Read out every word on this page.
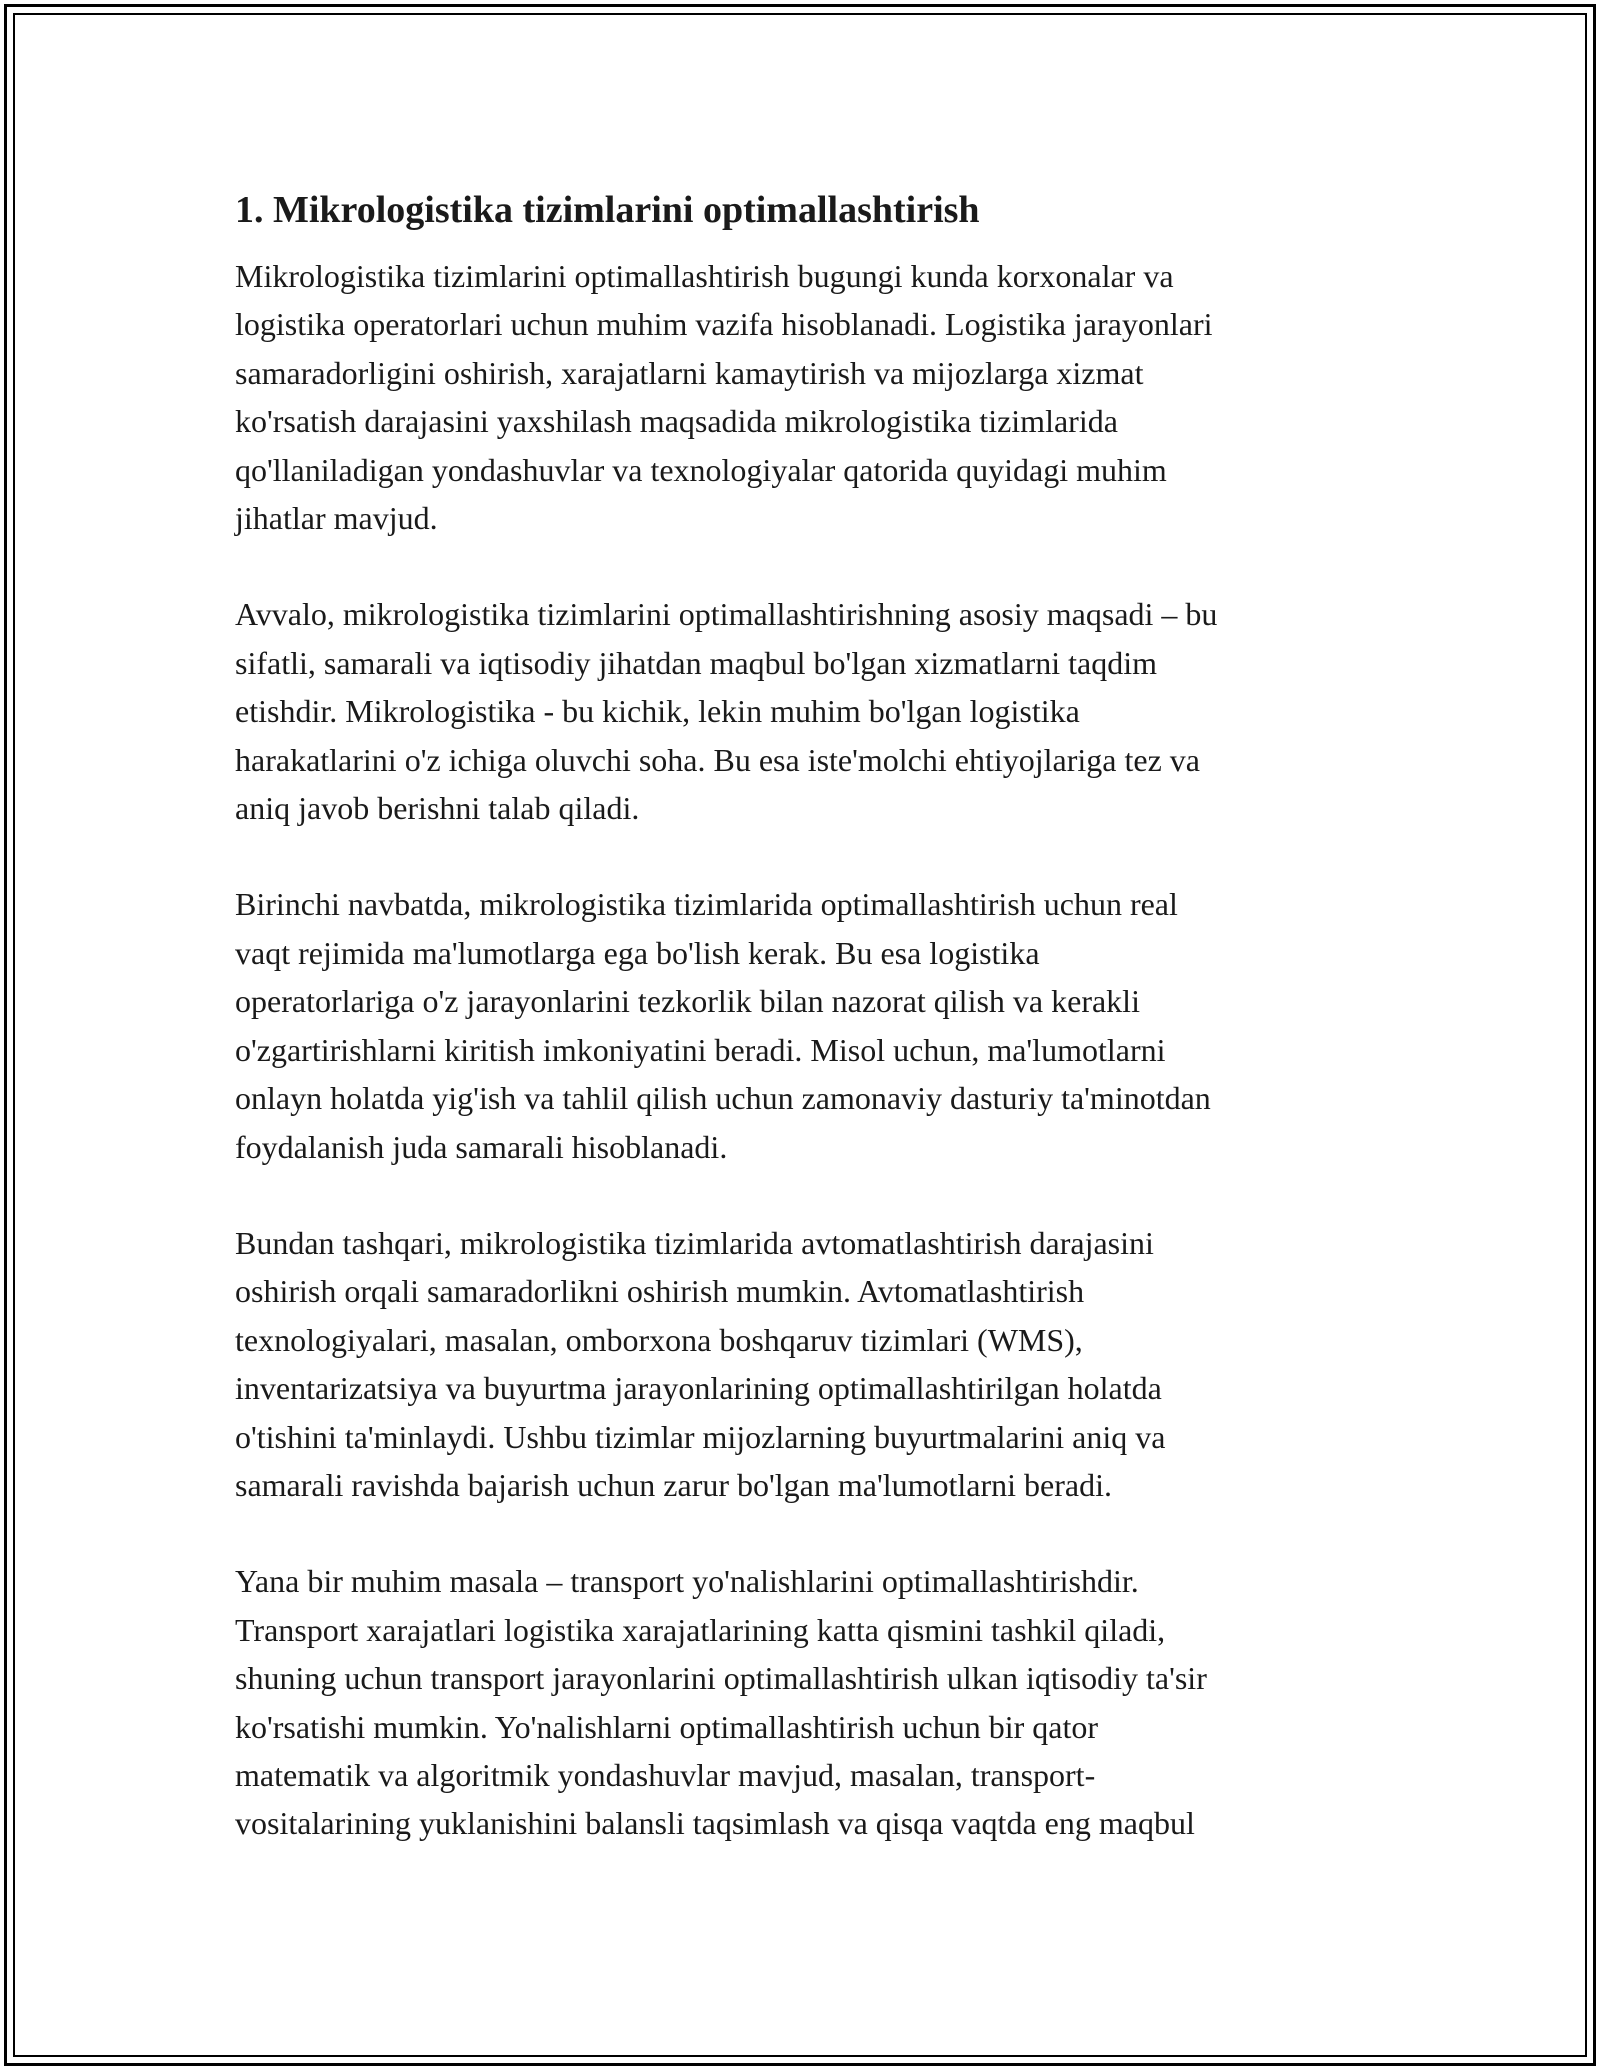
1. Mikrologistika tizimlarini optimallashtirish

Mikrologistika tizimlarini optimallashtirish bugungi kunda korxonalar va
logistika operatorlari uchun muhim vazifa hisoblanadi. Logistika jarayonlari
samaradorligini oshirish, xarajatlarni kamaytirish va mijozlarga xizmat
ko'rsatish darajasini yaxshilash maqsadida mikrologistika tizimlarida
qo'llaniladigan yondashuvlar va texnologiyalar qatorida quyidagi muhim
jihatlar mavjud.

Avvalo, mikrologistika tizimlarini optimallashtirishning asosiy maqsadi – bu
sifatli, samarali va iqtisodiy jihatdan maqbul bo'lgan xizmatlarni taqdim
etishdir. Mikrologistika - bu kichik, lekin muhim bo'lgan logistika
harakatlarini o'z ichiga oluvchi soha. Bu esa iste'molchi ehtiyojlariga tez va
aniq javob berishni talab qiladi.

Birinchi navbatda, mikrologistika tizimlarida optimallashtirish uchun real
vaqt rejimida ma'lumotlarga ega bo'lish kerak. Bu esa logistika
operatorlariga o'z jarayonlarini tezkorlik bilan nazorat qilish va kerakli
o'zgartirishlarni kiritish imkoniyatini beradi. Misol uchun, ma'lumotlarni
onlayn holatda yig'ish va tahlil qilish uchun zamonaviy dasturiy ta'minotdan
foydalanish juda samarali hisoblanadi.

Bundan tashqari, mikrologistika tizimlarida avtomatlashtirish darajasini
oshirish orqali samaradorlikni oshirish mumkin. Avtomatlashtirish
texnologiyalari, masalan, omborxona boshqaruv tizimlari (WMS),
inventarizatsiya va buyurtma jarayonlarining optimallashtirilgan holatda
o'tishini ta'minlaydi. Ushbu tizimlar mijozlarning buyurtmalarini aniq va
samarali ravishda bajarish uchun zarur bo'lgan ma'lumotlarni beradi.

Yana bir muhim masala – transport yo'nalishlarini optimallashtirishdir.
Transport xarajatlari logistika xarajatlarining katta qismini tashkil qiladi,
shuning uchun transport jarayonlarini optimallashtirish ulkan iqtisodiy ta'sir
ko'rsatishi mumkin. Yo'nalishlarni optimallashtirish uchun bir qator
matematik va algoritmik yondashuvlar mavjud, masalan, transport-
vositalarining yuklanishini balansli taqsimlash va qisqa vaqtda eng maqbul
